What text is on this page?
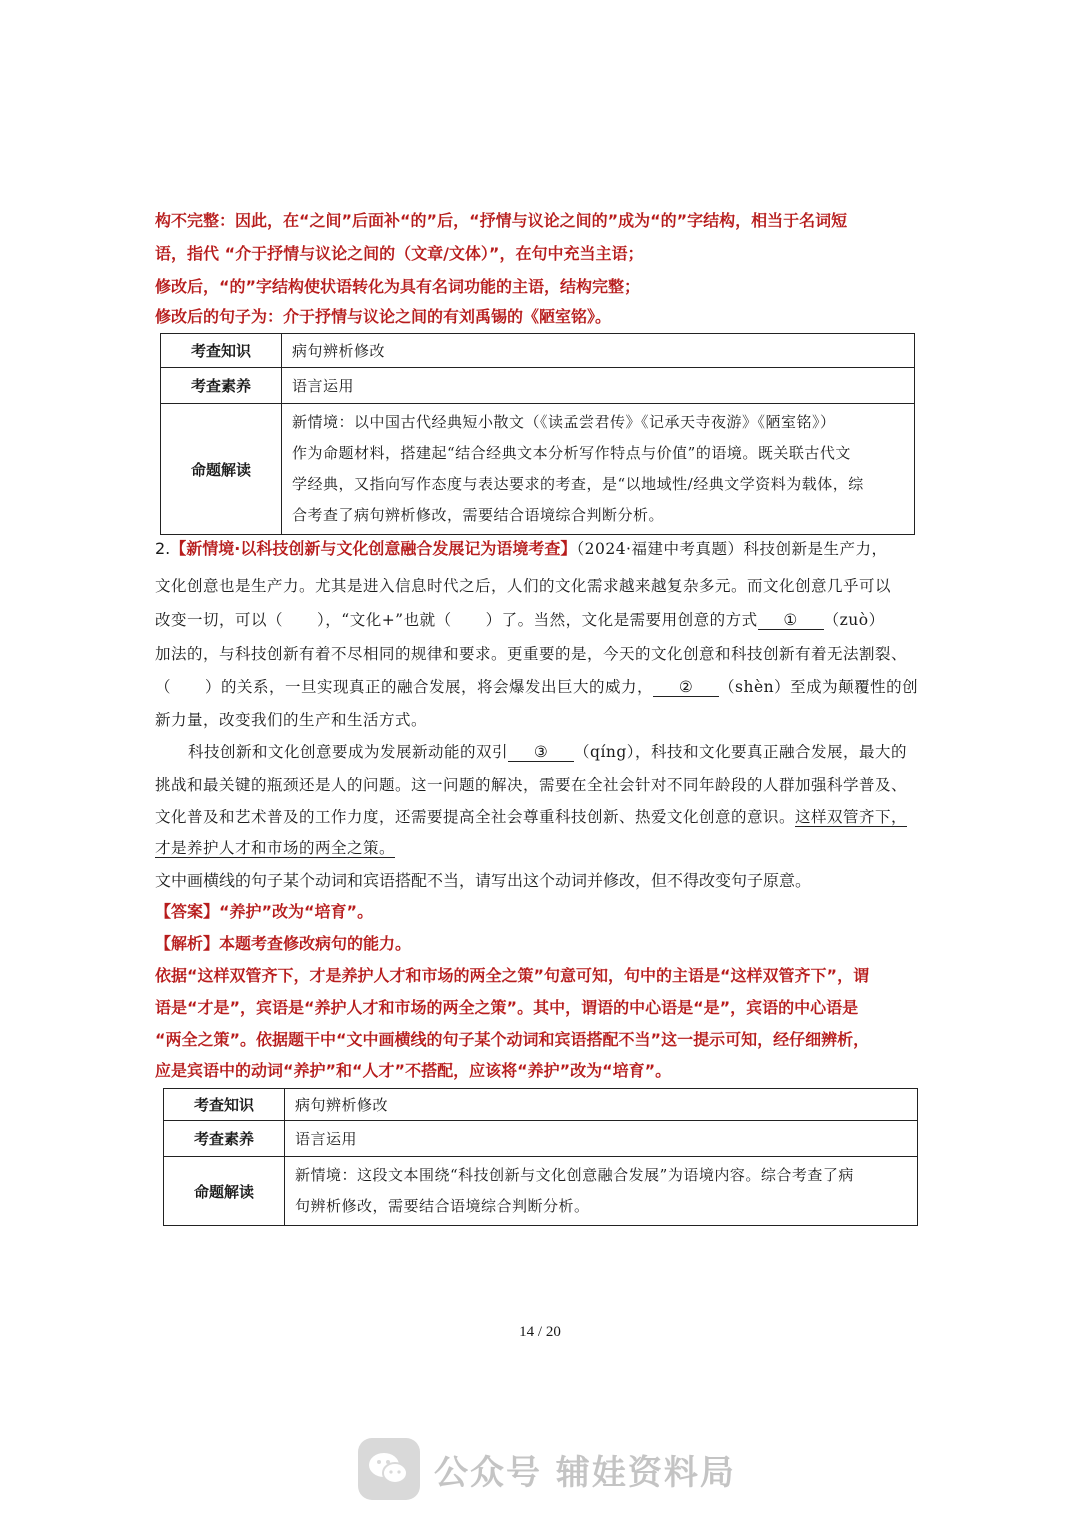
构不完整：因此，在“之间”后面补“的”后，“抒情与议论之间的”成为“的”字结构，相当于名词短
语，指代 “介于抒情与议论之间的（文章/文体）”，在句中充当主语；
修改后，“的”字结构使状语转化为具有名词功能的主语，结构完整；
修改后的句子为：介于抒情与议论之间的有刘禹锡的《陋室铭》。
考查知识	病句辨析修改
考查素养	语言运用
命题解读	新情境：以中国古代经典短小散文（《读孟尝君传》《记承天寺夜游》《陋室铭》）
作为命题材料，搭建起“结合经典文本分析写作特点与价值”的语境。既关联古代文
学经典，又指向写作态度与表达要求的考查，是“以地域性/经典文学资料为载体，综
合考查了病句辨析修改，需要结合语境综合判断分析。
2.【新情境·以科技创新与文化创意融合发展记为语境考查】（2024·福建中考真题）科技创新是生产力，
文化创意也是生产力。尤其是进入信息时代之后，人们的文化需求越来越复杂多元。而文化创意几乎可以
改变一切，可以（ ），“文化+”也就（ ）了。当然，文化是需要用创意的方式 ① （zuò）
加法的，与科技创新有着不尽相同的规律和要求。更重要的是，今天的文化创意和科技创新有着无法割裂、
（ ）的关系，一旦实现真正的融合发展，将会爆发出巨大的威力， ② （shèn）至成为颠覆性的创
新力量，改变我们的生产和生活方式。
科技创新和文化创意要成为发展新动能的双引 ③ （qíng），科技和文化要真正融合发展，最大的
挑战和最关键的瓶颈还是人的问题。这一问题的解决，需要在全社会针对不同年龄段的人群加强科学普及、
文化普及和艺术普及的工作力度，还需要提高全社会尊重科技创新、热爱文化创意的意识。这样双管齐下，
才是养护人才和市场的两全之策。
文中画横线的句子某个动词和宾语搭配不当，请写出这个动词并修改，但不得改变句子原意。
【答案】“养护”改为“培育”。
【解析】本题考查修改病句的能力。
依据“这样双管齐下，才是养护人才和市场的两全之策”句意可知，句中的主语是“这样双管齐下”，谓
语是“才是”，宾语是“养护人才和市场的两全之策”。其中，谓语的中心语是“是”，宾语的中心语是
“两全之策”。依据题干中“文中画横线的句子某个动词和宾语搭配不当”这一提示可知，经仔细辨析，
应是宾语中的动词“养护”和“人才”不搭配，应该将“养护”改为“培育”。
考查知识	病句辨析修改
考查素养	语言运用
命题解读	新情境：这段文本围绕“科技创新与文化创意融合发展”为语境内容。综合考查了病
句辨析修改，需要结合语境综合判断分析。
14 / 20
公众号 辅娃资料局
